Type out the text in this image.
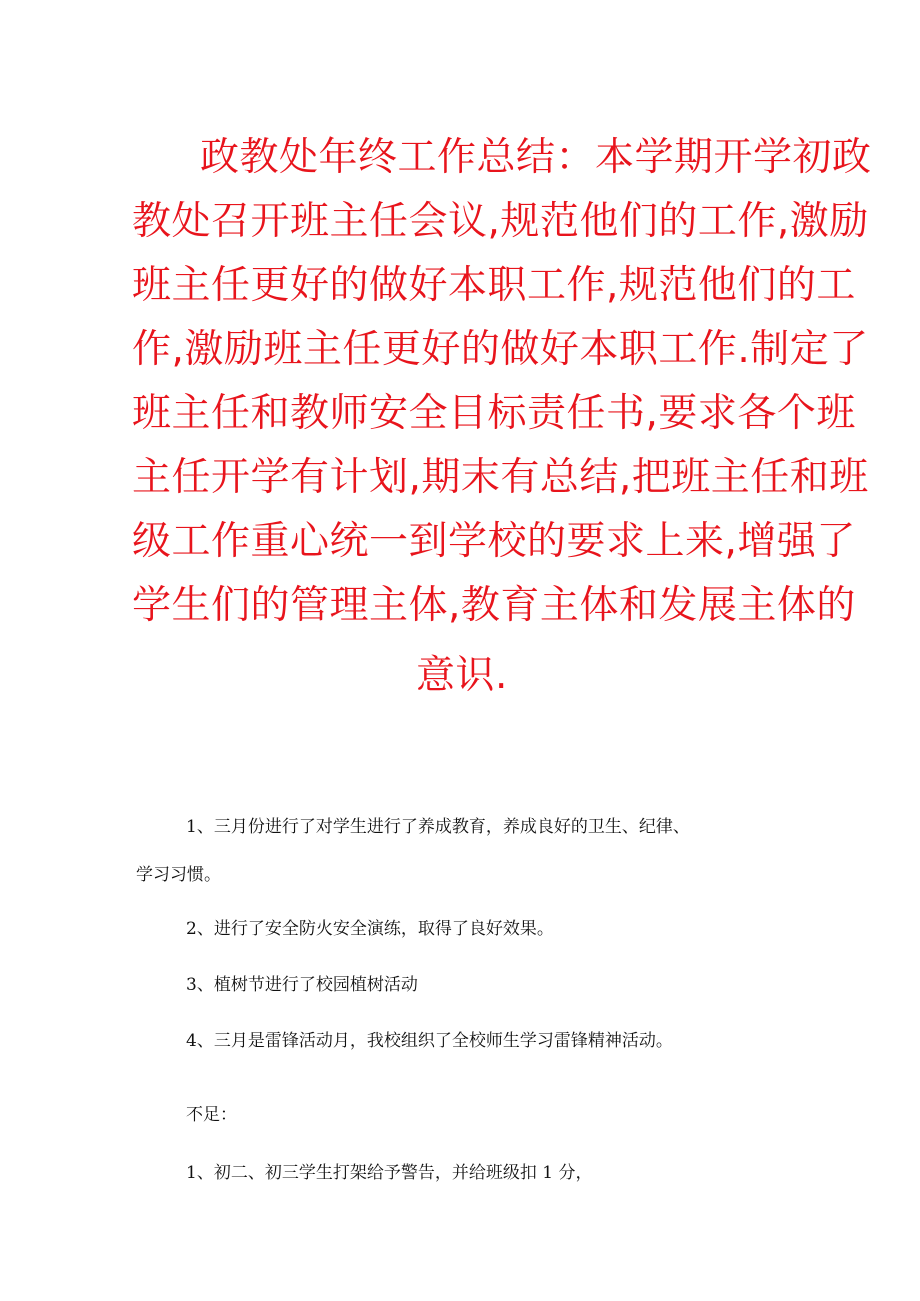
政教处年终工作总结：本学期开学初政
教处召开班主任会议,规范他们的工作,激励
班主任更好的做好本职工作,规范他们的工
作,激励班主任更好的做好本职工作.制定了
班主任和教师安全目标责任书,要求各个班
主任开学有计划,期末有总结,把班主任和班
级工作重心统一到学校的要求上来,增强了
学生们的管理主体,教育主体和发展主体的
意识.
1、三月份进行了对学生进行了养成教育，养成良好的卫生、纪律、
学习习惯。
2、进行了安全防火安全演练，取得了良好效果。
3、植树节进行了校园植树活动
4、三月是雷锋活动月，我校组织了全校师生学习雷锋精神活动。
不足：
1、初二、初三学生打架给予警告，并给班级扣 1 分，
